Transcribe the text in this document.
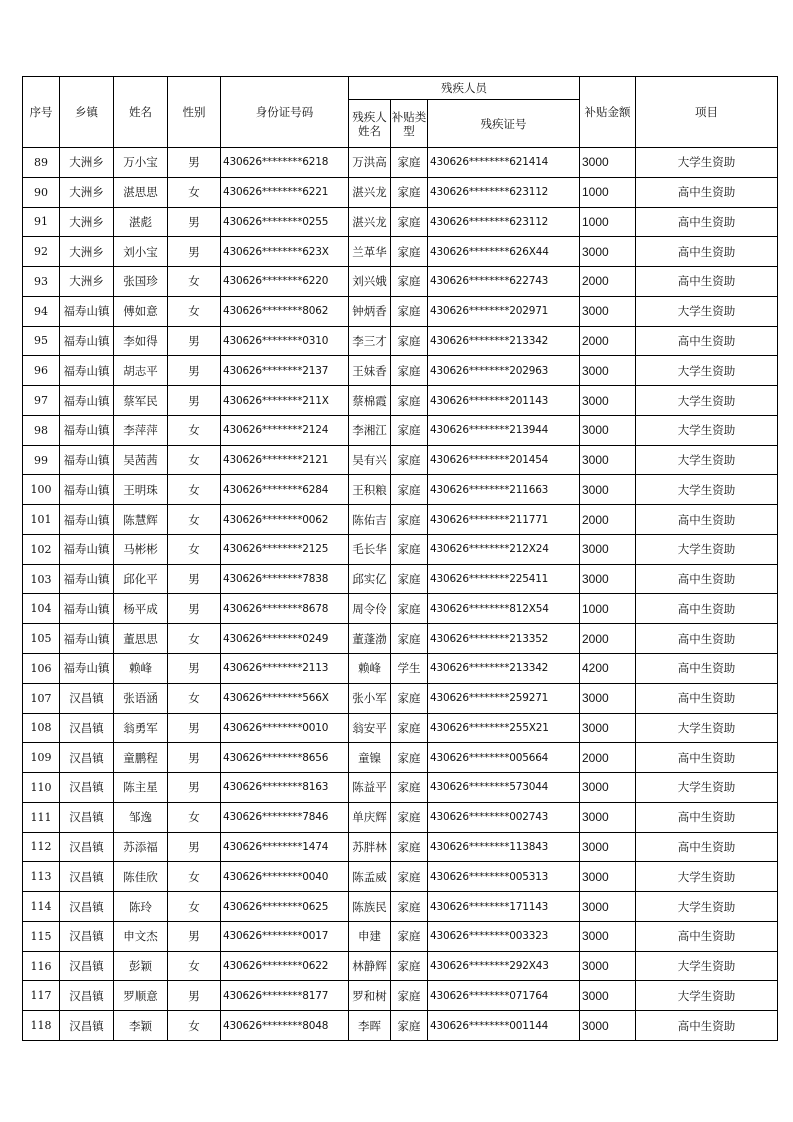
序号	乡镇	姓名	性别	身份证号码	残疾人员			补贴金额	项目
					残疾人姓名	补贴类型	残疾证号		
89	大洲乡	万小宝	男	430626********6218	万洪高	家庭	430626********621414	3000	大学生资助
90	大洲乡	湛思思	女	430626********6221	湛兴龙	家庭	430626********623112	1000	高中生资助
91	大洲乡	湛彪	男	430626********0255	湛兴龙	家庭	430626********623112	1000	高中生资助
92	大洲乡	刘小宝	男	430626********623X	兰革华	家庭	430626********626X44	3000	高中生资助
93	大洲乡	张国珍	女	430626********6220	刘兴娥	家庭	430626********622743	2000	高中生资助
94	福寿山镇	傅如意	女	430626********8062	钟炳香	家庭	430626********202971	3000	大学生资助
95	福寿山镇	李如得	男	430626********0310	李三才	家庭	430626********213342	2000	高中生资助
96	福寿山镇	胡志平	男	430626********2137	王妹香	家庭	430626********202963	3000	大学生资助
97	福寿山镇	蔡军民	男	430626********211X	蔡棉霞	家庭	430626********201143	3000	大学生资助
98	福寿山镇	李萍萍	女	430626********2124	李湘江	家庭	430626********213944	3000	大学生资助
99	福寿山镇	吴茜茜	女	430626********2121	吴有兴	家庭	430626********201454	3000	大学生资助
100	福寿山镇	王明珠	女	430626********6284	王积粮	家庭	430626********211663	3000	大学生资助
101	福寿山镇	陈慧辉	女	430626********0062	陈佑吉	家庭	430626********211771	2000	高中生资助
102	福寿山镇	马彬彬	女	430626********2125	毛长华	家庭	430626********212X24	3000	大学生资助
103	福寿山镇	邱化平	男	430626********7838	邱实亿	家庭	430626********225411	3000	高中生资助
104	福寿山镇	杨平成	男	430626********8678	周令伶	家庭	430626********812X54	1000	高中生资助
105	福寿山镇	董思思	女	430626********0249	董蓬渤	家庭	430626********213352	2000	高中生资助
106	福寿山镇	赖峰	男	430626********2113	赖峰	学生	430626********213342	4200	高中生资助
107	汉昌镇	张语涵	女	430626********566X	张小军	家庭	430626********259271	3000	高中生资助
108	汉昌镇	翁勇军	男	430626********0010	翁安平	家庭	430626********255X21	3000	大学生资助
109	汉昌镇	童鹏程	男	430626********8656	童镍	家庭	430626********005664	2000	高中生资助
110	汉昌镇	陈主星	男	430626********8163	陈益平	家庭	430626********573044	3000	大学生资助
111	汉昌镇	邹逸	女	430626********7846	单庆辉	家庭	430626********002743	3000	高中生资助
112	汉昌镇	苏添福	男	430626********1474	苏胖林	家庭	430626********113843	3000	高中生资助
113	汉昌镇	陈佳欣	女	430626********0040	陈孟威	家庭	430626********005313	3000	大学生资助
114	汉昌镇	陈玲	女	430626********0625	陈族民	家庭	430626********171143	3000	大学生资助
115	汉昌镇	申文杰	男	430626********0017	申建	家庭	430626********003323	3000	高中生资助
116	汉昌镇	彭颖	女	430626********0622	林静辉	家庭	430626********292X43	3000	大学生资助
117	汉昌镇	罗顺意	男	430626********8177	罗和树	家庭	430626********071764	3000	大学生资助
118	汉昌镇	李颖	女	430626********8048	李晖	家庭	430626********001144	3000	高中生资助
